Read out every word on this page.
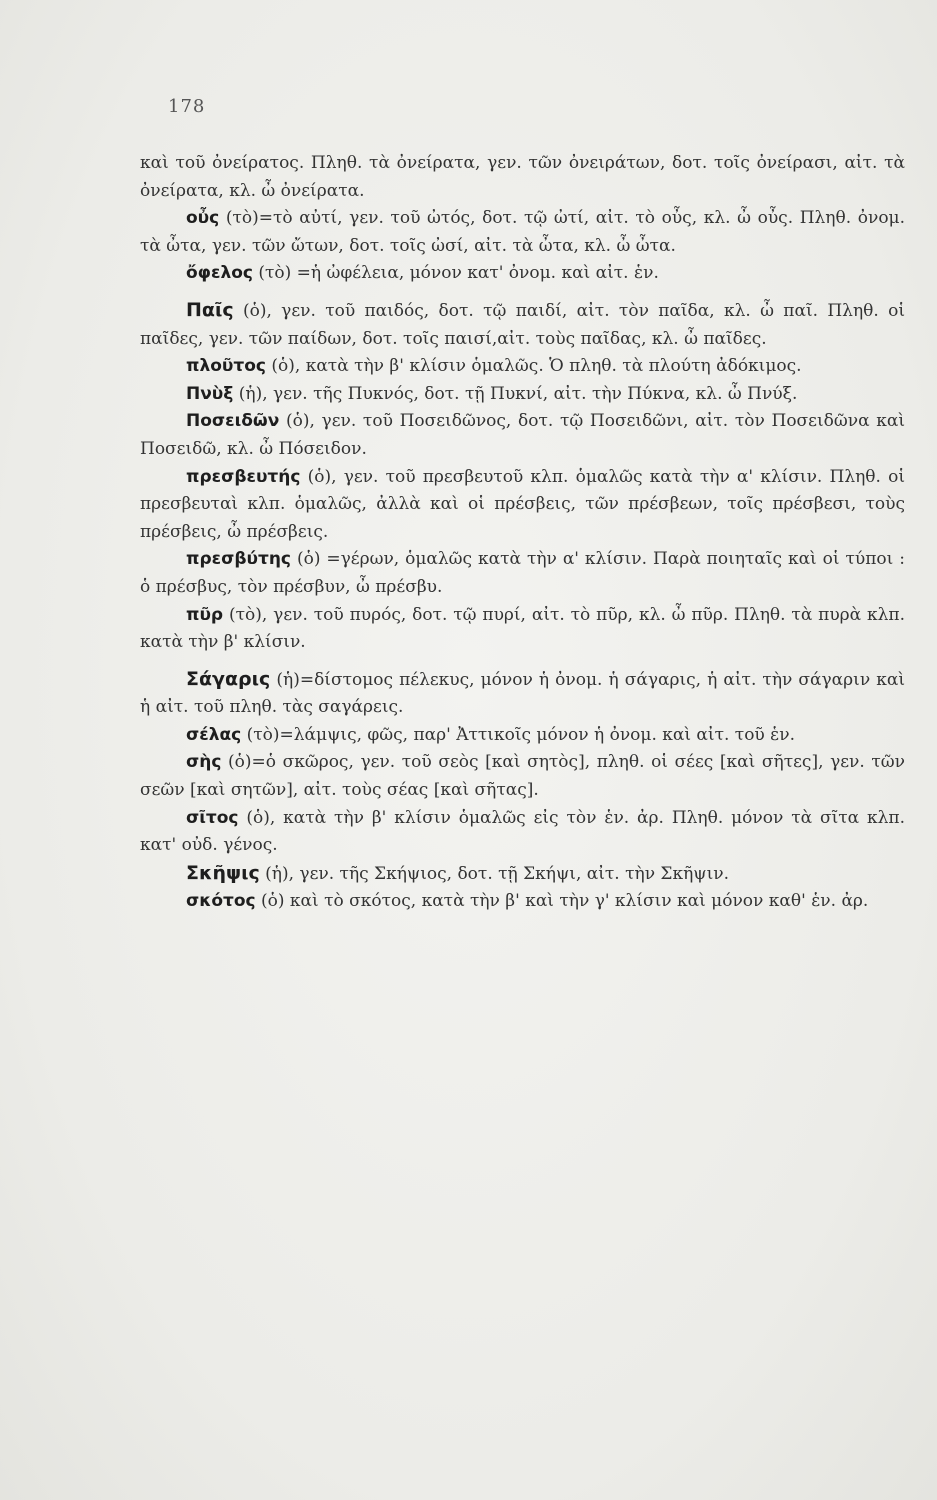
178

καὶ τοῦ ὀνείρατος. Πληθ. τὰ ὀνείρατα, γεν. τῶν ὀνειράτων, δοτ. τοῖς ὀνείρασι, αἰτ. τὰ ὀνείρατα, κλ. ὦ ὀνείρατα.

οὖς (τὸ)=τὸ αὐτί, γεν. τοῦ ὠτός, δοτ. τῷ ὠτί, αἰτ. τὸ οὖς, κλ. ὦ οὖς. Πληθ. ὀνομ. τὰ ὦτα, γεν. τῶν ὤτων, δοτ. τοῖς ὠσί, αἰτ. τὰ ὦτα, κλ. ὦ ὦτα.

ὄφελος (τὸ) =ἡ ὠφέλεια, μόνον κατ' ὀνομ. καὶ αἰτ. ἑν.

Παῖς (ὁ), γεν. τοῦ παιδός, δοτ. τῷ παιδί, αἰτ. τὸν παῖδα, κλ. ὦ παῖ. Πληθ. οἱ παῖδες, γεν. τῶν παίδων, δοτ. τοῖς παισί,αἰτ. τοὺς παῖδας, κλ. ὦ παῖδες.

πλοῦτος (ὁ), κατὰ τὴν β' κλίσιν ὁμαλῶς. Ὁ πληθ. τὰ πλούτη ἀδόκιμος.

Πνὺξ (ἡ), γεν. τῆς Πυκνός, δοτ. τῇ Πυκνί, αἰτ. τὴν Πύκνα, κλ. ὦ Πνύξ.

Ποσειδῶν (ὁ), γεν. τοῦ Ποσειδῶνος, δοτ. τῷ Ποσειδῶνι, αἰτ. τὸν Ποσειδῶνα καὶ Ποσειδῶ, κλ. ὦ Πόσειδον.

πρεσβευτής (ὁ), γεν. τοῦ πρεσβευτοῦ κλπ. ὁμαλῶς κατὰ τὴν α' κλίσιν. Πληθ. οἱ πρεσβευταὶ κλπ. ὁμαλῶς, ἀλλὰ καὶ οἱ πρέσβεις, τῶν πρέσβεων, τοῖς πρέσβεσι, τοὺς πρέσβεις, ὦ πρέσβεις.

πρεσβύτης (ὁ) =γέρων, ὁμαλῶς κατὰ τὴν α' κλίσιν. Παρὰ ποιηταῖς καὶ οἱ τύποι : ὁ πρέσβυς, τὸν πρέσβυν, ὦ πρέσβυ.

πῦρ (τὸ), γεν. τοῦ πυρός, δοτ. τῷ πυρί, αἰτ. τὸ πῦρ, κλ. ὦ πῦρ. Πληθ. τὰ πυρὰ κλπ. κατὰ τὴν β' κλίσιν.

Σάγαρις (ἡ)=δίστομος πέλεκυς, μόνον ἡ ὀνομ. ἡ σάγαρις, ἡ αἰτ. τὴν σάγαριν καὶ ἡ αἰτ. τοῦ πληθ. τὰς σαγάρεις.

σέλας (τὸ)=λάμψις, φῶς, παρ' Ἀττικοῖς μόνον ἡ ὀνομ. καὶ αἰτ. τοῦ ἑν.

σὴς (ὁ)=ὁ σκῶρος, γεν. τοῦ σεὸς [καὶ σητὸς], πληθ. οἱ σέες [καὶ σῆτες], γεν. τῶν σεῶν [καὶ σητῶν], αἰτ. τοὺς σέας [καὶ σῆτας].

σῖτος (ὁ), κατὰ τὴν β' κλίσιν ὁμαλῶς εἰς τὸν ἑν. ἀρ. Πληθ. μόνον τὰ σῖτα κλπ. κατ' οὐδ. γένος.

Σκῆψις (ἡ), γεν. τῆς Σκήψιος, δοτ. τῇ Σκήψι, αἰτ. τὴν Σκῆψιν.

σκότος (ὁ) καὶ τὸ σκότος, κατὰ τὴν β' καὶ τὴν γ' κλίσιν καὶ μόνον καθ' ἑν. ἀρ.
